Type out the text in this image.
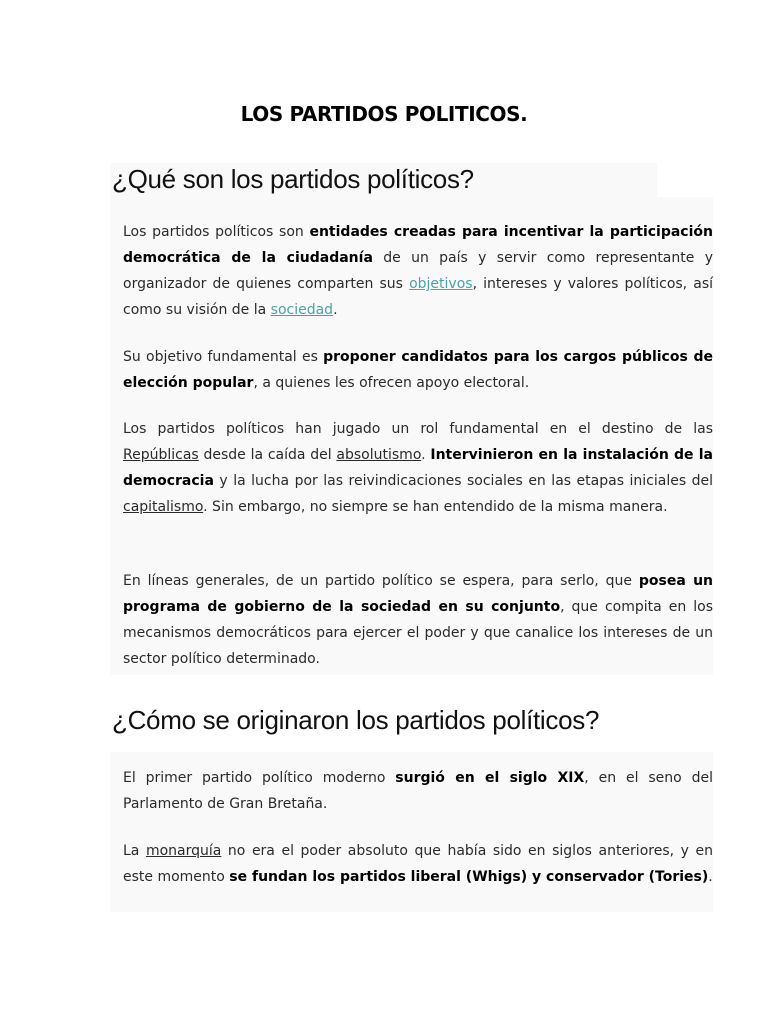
LOS PARTIDOS POLITICOS.
¿Qué son los partidos políticos?
Los partidos políticos son entidades creadas para incentivar la participación democrática de la ciudadanía de un país y servir como representante y organizador de quienes comparten sus objetivos, intereses y valores políticos, así como su visión de la sociedad.
Su objetivo fundamental es proponer candidatos para los cargos públicos de elección popular, a quienes les ofrecen apoyo electoral.
Los partidos políticos han jugado un rol fundamental en el destino de las Repúblicas desde la caída del absolutismo. Intervinieron en la instalación de la democracia y la lucha por las reivindicaciones sociales en las etapas iniciales del capitalismo. Sin embargo, no siempre se han entendido de la misma manera.
En líneas generales, de un partido político se espera, para serlo, que posea un programa de gobierno de la sociedad en su conjunto, que compita en los mecanismos democráticos para ejercer el poder y que canalice los intereses de un sector político determinado.
¿Cómo se originaron los partidos políticos?
El primer partido político moderno surgió en el siglo XIX, en el seno del Parlamento de Gran Bretaña.
La monarquía no era el poder absoluto que había sido en siglos anteriores, y en este momento se fundan los partidos liberal (Whigs) y conservador (Tories).
